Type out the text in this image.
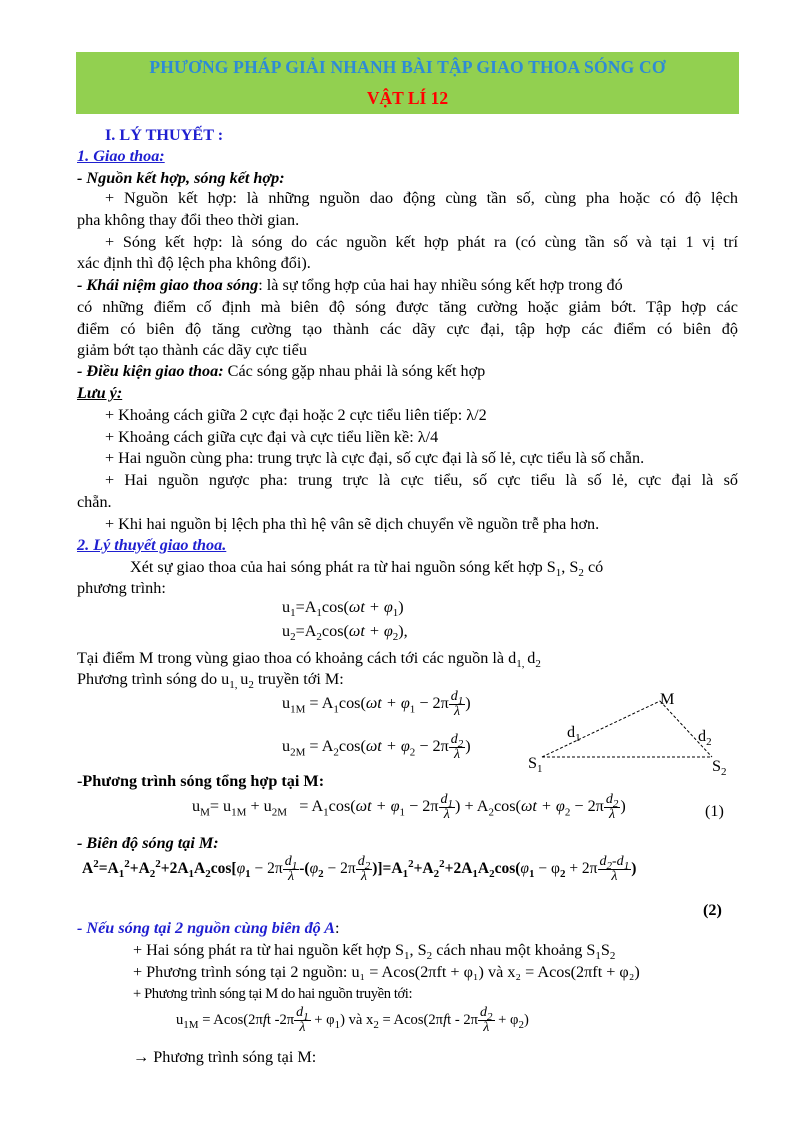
PHƯƠNG PHÁP GIẢI NHANH BÀI TẬP GIAO THOA SÓNG CƠ
VẬT LÍ 12
I. LÝ THUYẾT :
1. Giao thoa:
- Nguồn kết hợp, sóng kết hợp:
+ Nguồn kết hợp: là những nguồn dao động cùng tần số, cùng pha hoặc có độ lệch
pha không thay đổi theo thời gian.
+ Sóng kết hợp: là sóng do các nguồn kết hợp phát ra (có cùng tần số và tại 1 vị trí
xác định thì độ lệch pha không đổi).
- Khái niệm giao thoa sóng: là sự tổng hợp của hai hay nhiều sóng kết hợp trong đó
có những điểm cố định mà biên độ sóng được tăng cường hoặc giảm bớt. Tập hợp các
điểm có biên độ tăng cường tạo thành các dãy cực đại, tập hợp các điểm có biên độ
giảm bớt tạo thành các dãy cực tiểu
- Điều kiện giao thoa: Các sóng gặp nhau phải là sóng kết hợp
Lưu ý:
+ Khoảng cách giữa 2 cực đại hoặc 2 cực tiểu liên tiếp: λ/2
+ Khoảng cách giữa cực đại và cực tiểu liền kề: λ/4
+ Hai nguồn cùng pha: trung trực là cực đại, số cực đại là số lẻ, cực tiểu là số chẵn.
+ Hai nguồn ngược pha: trung trực là cực tiểu, số cực tiểu là số lẻ, cực đại là số
chẵn.
+ Khi hai nguồn bị lệch pha thì hệ vân sẽ dịch chuyển về nguồn trễ pha hơn.
2. Lý thuyết giao thoa.
Xét sự giao thoa của hai sóng phát ra từ hai nguồn sóng kết hợp $S_1$, $S_2$ có
phương trình:
$u_1=A_1\cos(\omega t + \varphi_1)$
$u_2=A_2\cos(\omega t + \varphi_2)$,
Tại điểm M trong vùng giao thoa có khoảng cách tới các nguồn là $d_{1,}$ $d_2$
Phương trình sóng do $u_{1,}$ $u_2$ truyền tới M:
$u_{1M} = A_1\cos(\omega t + \varphi_1 - 2\pi \frac{d_1}{\lambda}$ )
$u_{2M} = A_2\cos(\omega t + \varphi_2 - 2\pi \frac{d_2}{\lambda}$ )
M
$d_1$	$d_2$
$S_1$	$S_2$
-Phương trình sóng tổng hợp tại M:
$u_M= u_{1M} + u_{2M} = A_1\cos(\omega t + \varphi_1 - 2\pi \frac{d_1}{\lambda}$ ) + $A_2\cos(\omega t + \varphi_2 - 2\pi \frac{d_2}{\lambda}$ )	(1)
- Biên độ sóng tại M:
$A^2=A_1^2+A_2^2+2A_1A_2\cos[\varphi_1 - 2\pi \frac{d_1}{\lambda} -(\varphi_2 - 2\pi \frac{d_2}{\lambda} )]=A_1^2+A_2^2+2A_1A_2\cos(\varphi_1 - \varphi_2 + 2\pi \frac{d_2-d_1}{\lambda}$ )
(2)
- Nếu sóng tại 2 nguồn cùng biên độ A:
+ Hai sóng phát ra từ hai nguồn kết hợp $S_1$, $S_2$ cách nhau một khoảng $S_1S_2$
+ Phương trình sóng tại 2 nguồn: u₁ = Acos(2πft + φ₁) và x₂ = Acos(2πft + φ₂)
+ Phương trình sóng tại M do hai nguồn truyền tới:
$u_{1M} = Acos(2\pi ft$ $-2\pi \frac{d_1}{\lambda} + \varphi_1$) và $x_2 = Acos(2\pi ft - 2\pi \frac{d_2}{\lambda} + \varphi_2)$
→ Phương trình sóng tại M:
